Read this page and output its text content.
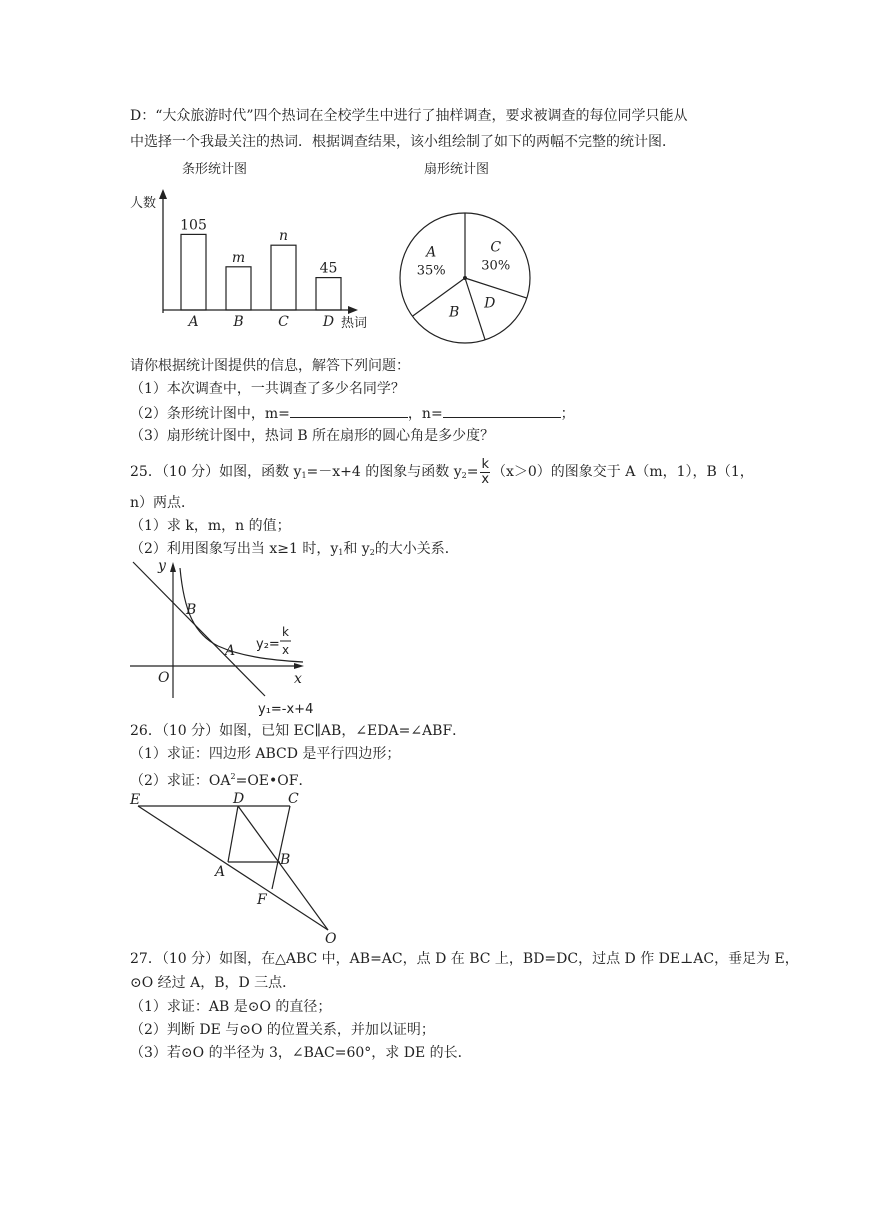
D：“大众旅游时代”四个热词在全校学生中进行了抽样调查，要求被调查的每位同学只能从
中选择一个我最关注的热词．根据调查结果，该小组绘制了如下的两幅不完整的统计图．
条形统计图
人数
热词
105
A
m
B
n
C
45
D
扇形统计图
A
35%
C
30%
D
B
请你根据统计图提供的信息，解答下列问题：
（1）本次调查中，一共调查了多少名同学？
（2）条形统计图中，m=	，n=	；
（3）扇形统计图中，热词 B 所在扇形的圆心角是多少度？
25．（10 分）如图，函数 $y_1=-x+4$ 的图象与函数 $y_2= \frac{k}{x} (x>0)$的图象交于 A（m，1），B（1，
n）两点．
（1）求 k，m，n 的值；
（2）利用图象写出当 x≥1 时，$y_1$和 $y_2$的大小关系．
y
x
O
B
A y₂=
k
x
y₁=-x+4
26．（10 分）如图，已知 EC∥AB，∠EDA=∠ABF．
（1）求证：四边形 ABCD 是平行四边形；
（2）求证：$OA^2=OE•OF$．
E	D	C
A
B
F
O
27．（10 分）如图，在△ABC 中，AB=AC，点 D 在 BC 上，BD=DC，过点 D 作 DE⊥AC，垂足为 E，
⊙O 经过 A，B，D 三点．
（1）求证：AB 是⊙O 的直径；
（2）判断 DE 与⊙O 的位置关系，并加以证明；
（3）若⊙O 的半径为 3，∠BAC=60°，求 DE 的长．
